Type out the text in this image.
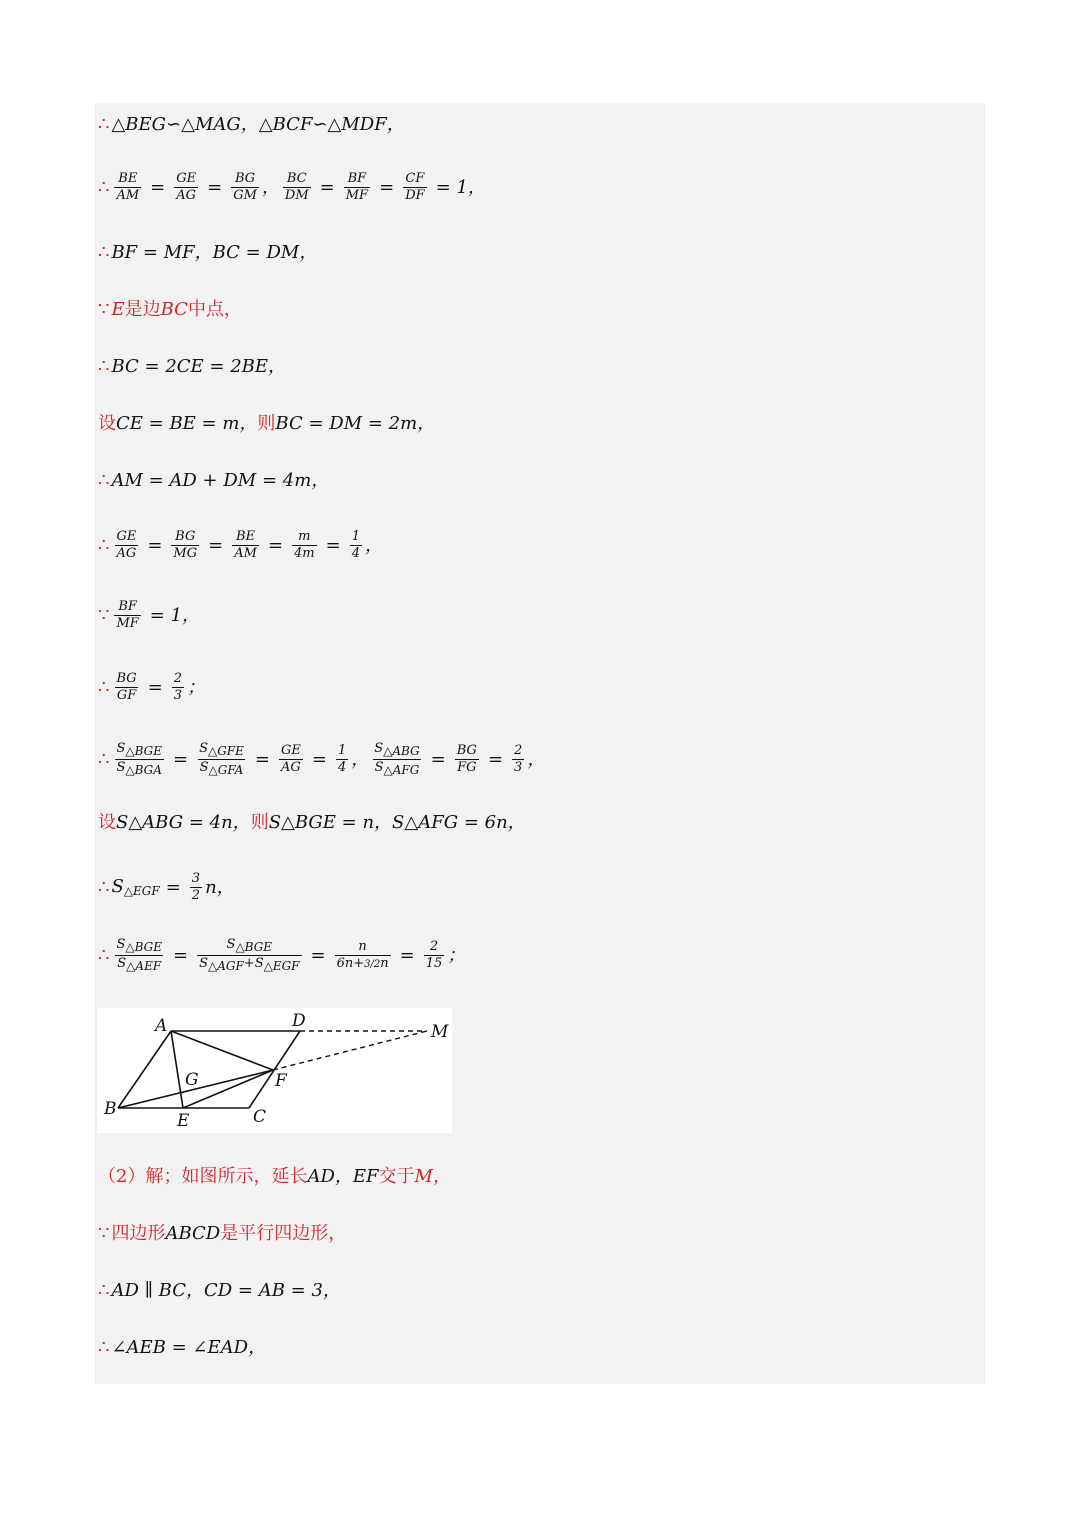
∴ △BEG∽△MAG，△BCF∽△MDF，
∴ $\frac{BE}{AM} = \frac{GE}{AG} = \frac{BG}{GM}$ ， $\frac{BC}{DM} = \frac{BF}{MF} = \frac{CF}{DF} = 1$，
∴ BF = MF，BC = DM，
∵ E 是边 BC 中点，
∴ BC = 2CE = 2BE，
设 CE = BE = m， 则 BC = DM = 2m，
∴ AM = AD + DM = 4m，
∴ $\frac{GE}{AG} = \frac{BG}{MG} = \frac{BE}{AM} = \frac{m}{4m} = \frac{1}{4}$ ，
∵ $\frac{BF}{MF} = 1$，
∴ $\frac{BG}{GF} = \frac{2}{3}$ ；
∴ $\frac{S_{\triangle BGE}}{S_{\triangle BGA}} = \frac{S_{\triangle GFE}}{S_{\triangle GFA}} = \frac{GE}{AG} = \frac{1}{4}$ ， $\frac{S_{\triangle ABG}}{S_{\triangle AFG}} = \frac{BG}{FG} = \frac{2}{3}$ ，
设 S△ABG = 4n， 则 S△BGE = n，S△AFG = 6n，
∴ $S_{\triangle EGF} = \frac{3}{2}$ n，
∴ $\frac{S_{\triangle BGE}}{S_{\triangle AEF}} = \frac{S_{\triangle BGE}}{S_{\triangle AGF}+S_{\triangle EGF}} = \frac{n}{6n+3/2n} = \frac{2}{15}$ ；
A
B	C
D
E
F
G
M
（2）解；如图所示，延长 AD，EF 交于 M，
∵ 四边形 ABCD 是平行四边形，
∴ AD ∥ BC，CD = AB = 3，
∴ ∠AEB = ∠EAD，
